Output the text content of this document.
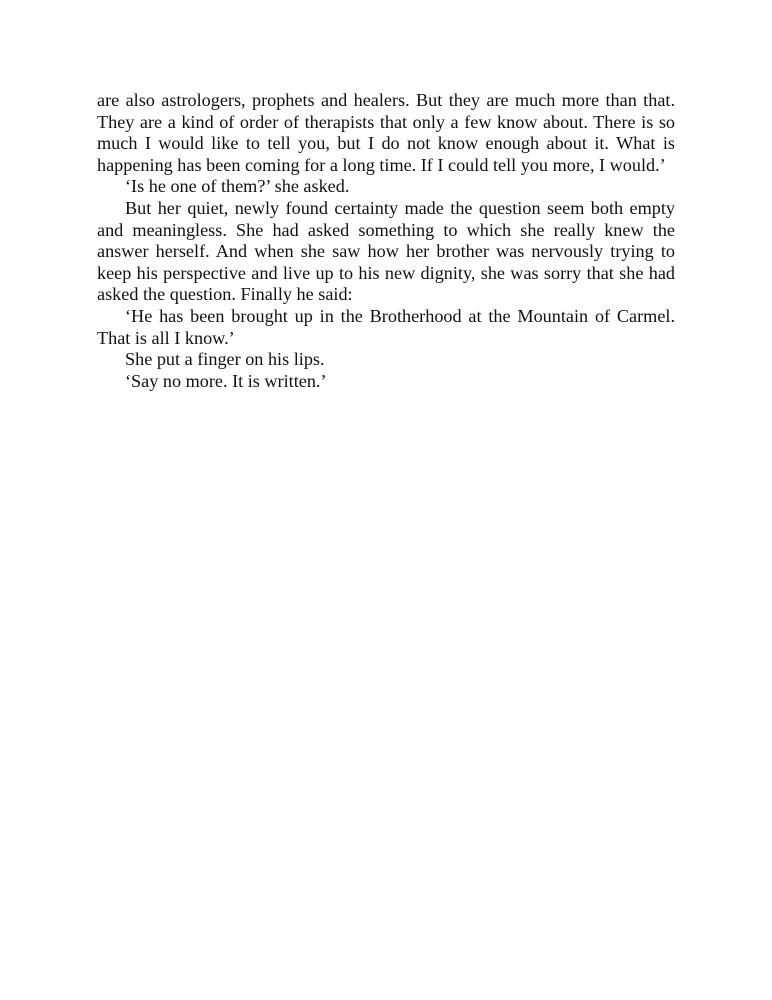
are also astrologers, prophets and healers. But they are much more than that. They are a kind of order of therapists that only a few know about. There is so much I would like to tell you, but I do not know enough about it. What is happening has been coming for a long time. If I could tell you more, I would.’

‘Is he one of them?’ she asked.

But her quiet, newly found certainty made the question seem both empty and meaningless. She had asked something to which she really knew the answer herself. And when she saw how her brother was nervously trying to keep his perspective and live up to his new dignity, she was sorry that she had asked the question. Finally he said:

‘He has been brought up in the Brotherhood at the Mountain of Carmel. That is all I know.’

She put a finger on his lips.

‘Say no more. It is written.’
